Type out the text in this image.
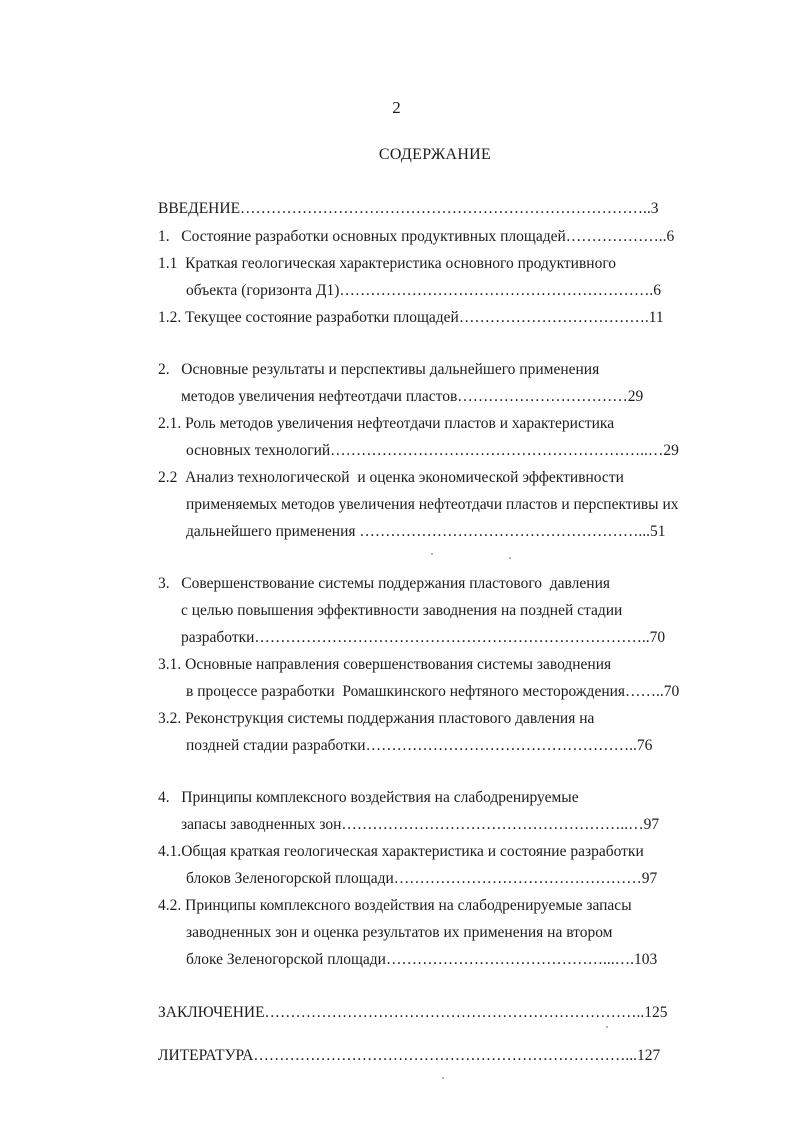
2
СОДЕРЖАНИЕ
ВВЕДЕНИЕ……………………………………………………………………..3
1.   Состояние разработки основных продуктивных площадей………………..6
1.1  Краткая геологическая характеристика основного продуктивного
объекта (горизонта Д1)…………………………………………………….6
1.2. Текущее состояние разработки площадей……………………………….11
2.   Основные результаты и перспективы дальнейшего применения
методов увеличения нефтеотдачи пластов……………………………29
2.1. Роль методов увеличения нефтеотдачи пластов и характеристика
основных технологий……………………………………………………..…29
2.2  Анализ технологической  и оценка экономической эффективности
применяемых методов увеличения нефтеотдачи пластов и перспективы их
дальнейшего применения ………………………………………………...51
3.   Совершенствование системы поддержания пластового  давления
с целью повышения эффективности заводнения на поздней стадии
разработки…………………………………………………………………..70
3.1. Основные направления совершенствования системы заводнения
в процессе разработки  Ромашкинского нефтяного месторождения……..70
3.2. Реконструкция системы поддержания пластового давления на
поздней стадии разработки……………………………………………..76
4.   Принципы комплексного воздействия на слабодренируемые
запасы заводненных зон………………………………………………..…97
4.1.Общая краткая геологическая характеристика и состояние разработки
блоков Зеленогорской площади…………………………………………97
4.2. Принципы комплексного воздействия на слабодренируемые запасы
заводненных зон и оценка результатов их применения на втором
блоке Зеленогорской площади……………………………………...….103
ЗАКЛЮЧЕНИЕ………………………………………………………………..125
ЛИТЕРАТУРА………………………………………………………………...127
